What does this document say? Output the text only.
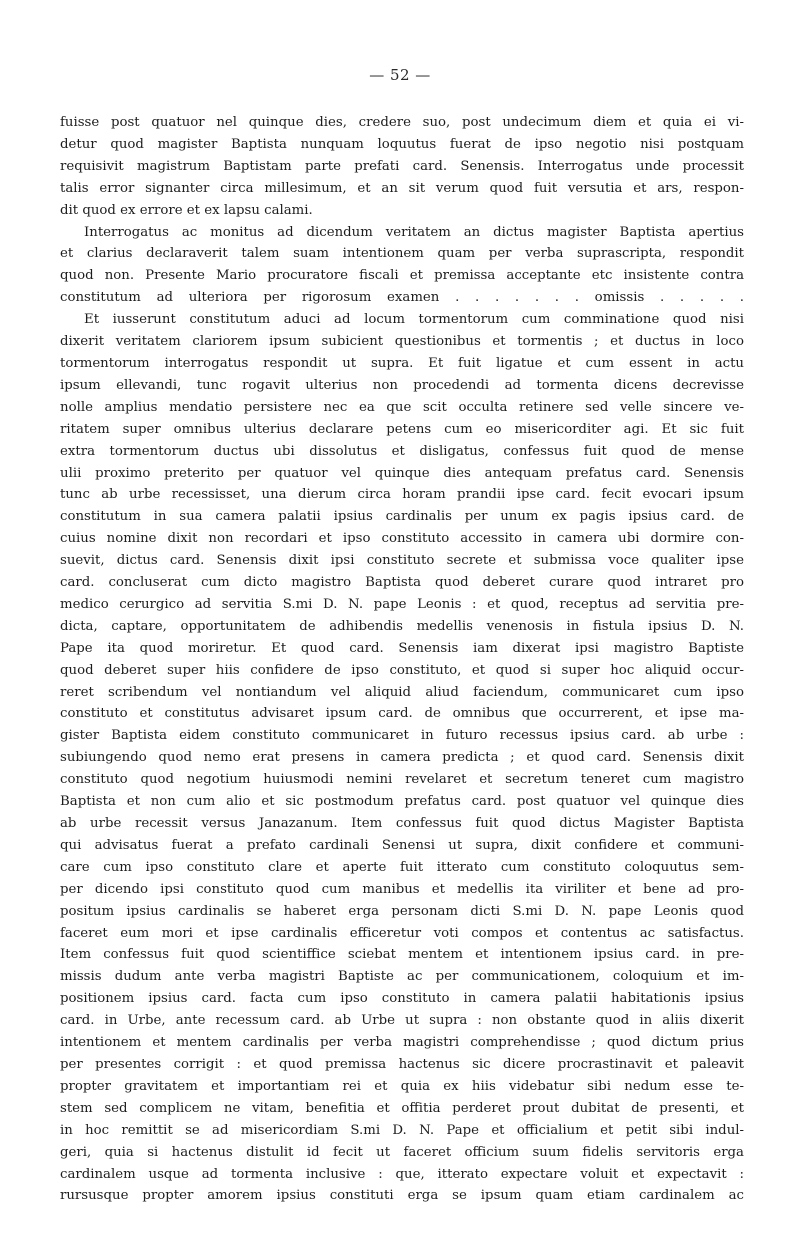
— 52 —
fuisse post quatuor nel quinque dies, credere suo, post undecimum diem et quia ei vi-
detur quod magister Baptista nunquam loquutus fuerat de ipso negotio nisi postquam
requisivit magistrum Baptistam parte prefati card. Senensis. Interrogatus unde processit
talis error signanter circa millesimum, et an sit verum quod fuit versutia et ars, respon-
dit quod ex errore et ex lapsu calami.
Interrogatus ac monitus ad dicendum veritatem an dictus magister Baptista apertius
et clarius declaraverit talem suam intentionem quam per verba suprascripta, respondit
quod non. Presente Mario procuratore fiscali et premissa acceptante etc insistente contra
constitutum ad ulteriora per rigorosum examen . . . . . . . omissis . . . . .
Et iusserunt constitutum aduci ad locum tormentorum cum comminatione quod nisi
dixerit veritatem clariorem ipsum subicient questionibus et tormentis ; et ductus in loco
tormentorum interrogatus respondit ut supra. Et fuit ligatue et cum essent in actu
ipsum ellevandi, tunc rogavit ulterius non procedendi ad tormenta dicens decrevisse
nolle amplius mendatio persistere nec ea que scit occulta retinere sed velle sincere ve-
ritatem super omnibus ulterius declarare petens cum eo misericorditer agi. Et sic fuit
extra tormentorum ductus ubi dissolutus et disligatus, confessus fuit quod de mense
ulii proximo preterito per quatuor vel quinque dies antequam prefatus card. Senensis
tunc ab urbe recessisset, una dierum circa horam prandii ipse card. fecit evocari ipsum
constitutum in sua camera palatii ipsius cardinalis per unum ex pagis ipsius card. de
cuius nomine dixit non recordari et ipso constituto accessito in camera ubi dormire con-
suevit, dictus card. Senensis dixit ipsi constituto secrete et submissa voce qualiter ipse
card. concluserat cum dicto magistro Baptista quod deberet curare quod intraret pro
medico cerurgico ad servitia S.mi D. N. pape Leonis : et quod, receptus ad servitia pre-
dicta, captare, opportunitatem de adhibendis medellis venenosis in fistula ipsius D. N.
Pape ita quod moriretur. Et quod card. Senensis iam dixerat ipsi magistro Baptiste
quod deberet super hiis confidere de ipso constituto, et quod si super hoc aliquid occur-
reret scribendum vel nontiandum vel aliquid aliud faciendum, communicaret cum ipso
constituto et constitutus advisaret ipsum card. de omnibus que occurrerent, et ipse ma-
gister Baptista eidem constituto communicaret in futuro recessus ipsius card. ab urbe :
subiungendo quod nemo erat presens in camera predicta ; et quod card. Senensis dixit
constituto quod negotium huiusmodi nemini revelaret et secretum teneret cum magistro
Baptista et non cum alio et sic postmodum prefatus card. post quatuor vel quinque dies
ab urbe recessit versus Janazanum. Item confessus fuit quod dictus Magister Baptista
qui advisatus fuerat a prefato cardinali Senensi ut supra, dixit confidere et communi-
care cum ipso constituto clare et aperte fuit itterato cum constituto coloquutus sem-
per dicendo ipsi constituto quod cum manibus et medellis ita viriliter et bene ad pro-
positum ipsius cardinalis se haberet erga personam dicti S.mi D. N. pape Leonis quod
faceret eum mori et ipse cardinalis efficeretur voti compos et contentus ac satisfactus.
Item confessus fuit quod scientiffice sciebat mentem et intentionem ipsius card. in pre-
missis dudum ante verba magistri Baptiste ac per communicationem, coloquium et im-
positionem ipsius card. facta cum ipso constituto in camera palatii habitationis ipsius
card. in Urbe, ante recessum card. ab Urbe ut supra : non obstante quod in aliis dixerit
intentionem et mentem cardinalis per verba magistri comprehendisse ; quod dictum prius
per presentes corrigit : et quod premissa hactenus sic dicere procrastinavit et paleavit
propter gravitatem et importantiam rei et quia ex hiis videbatur sibi nedum esse te-
stem sed complicem ne vitam, benefitia et offitia perderet prout dubitat de presenti, et
in hoc remittit se ad misericordiam S.mi D. N. Pape et officialium et petit sibi indul-
geri, quia si hactenus distulit id fecit ut faceret officium suum fidelis servitoris erga
cardinalem usque ad tormenta inclusive : que, itterato expectare voluit et expectavit :
rursusque propter amorem ipsius constituti erga se ipsum quam etiam cardinalem ac
